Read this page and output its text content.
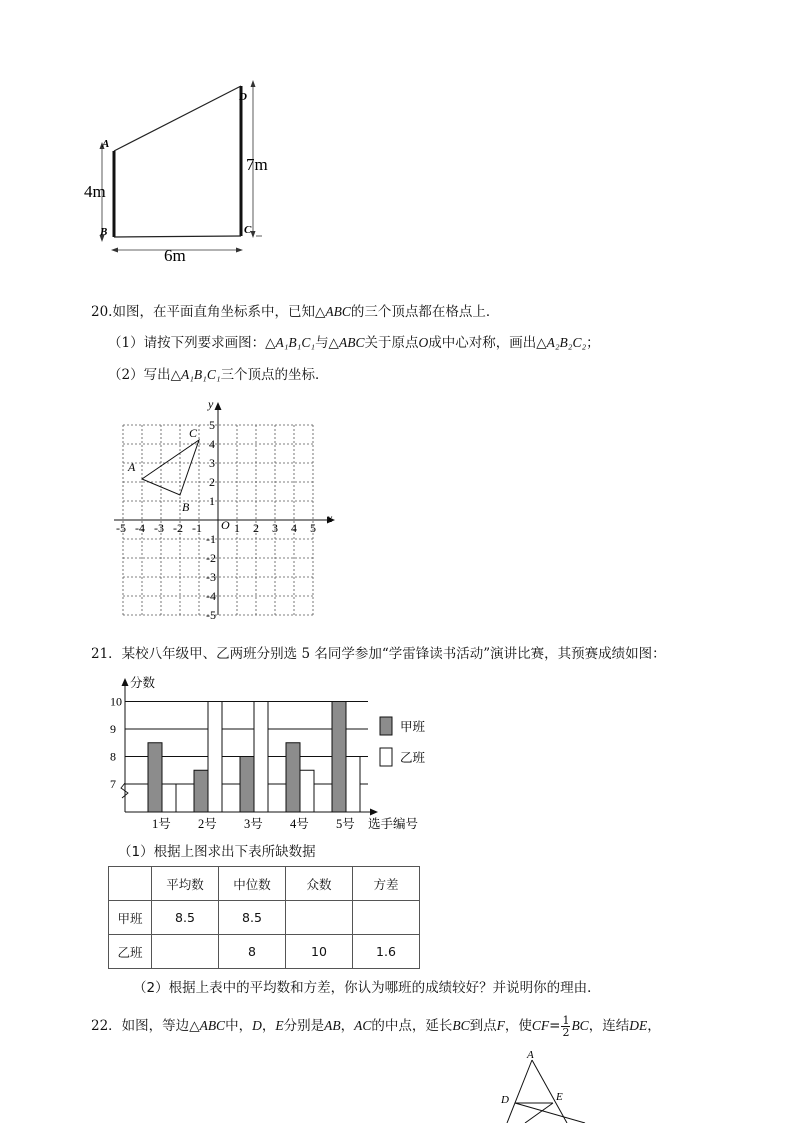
A
B	C
D
4m
7m
6m
20.如图，在平面直角坐标系中，已知△ABC的三个顶点都在格点上．
（1）请按下列要求画图：△A₁B₁C₁与△ABC关于原点O成中心对称，画出△A₂B₂C₂；
（2）写出△A₁B₁C₁三个顶点的坐标．
x
y
O
-5 -4 -3 -2 -1	1 2 3 4 5
5
4
3
2
1
-1
-2
-3
-4
-5
A
B
C
21．某校八年级甲、乙两班分别选 5 名同学参加“学雷锋读书活动”演讲比赛，其预赛成绩如图：
10
9
8
7
1号 2号 3号 4号 5号
分数
选手编号
甲班
乙班
（1）根据上图求出下表所缺数据
	平均数	中位数	众数	方差
甲班	8.5	8.5		
乙班		8	10	1.6
（2）根据上表中的平均数和方差，你认为哪班的成绩较好？并说明你的理由．
22．如图，等边△ABC中，D，E分别是AB，AC的中点，延长BC到点F，使$CF= \frac{1}{2}$ BC，连结DE，
A
D	E
